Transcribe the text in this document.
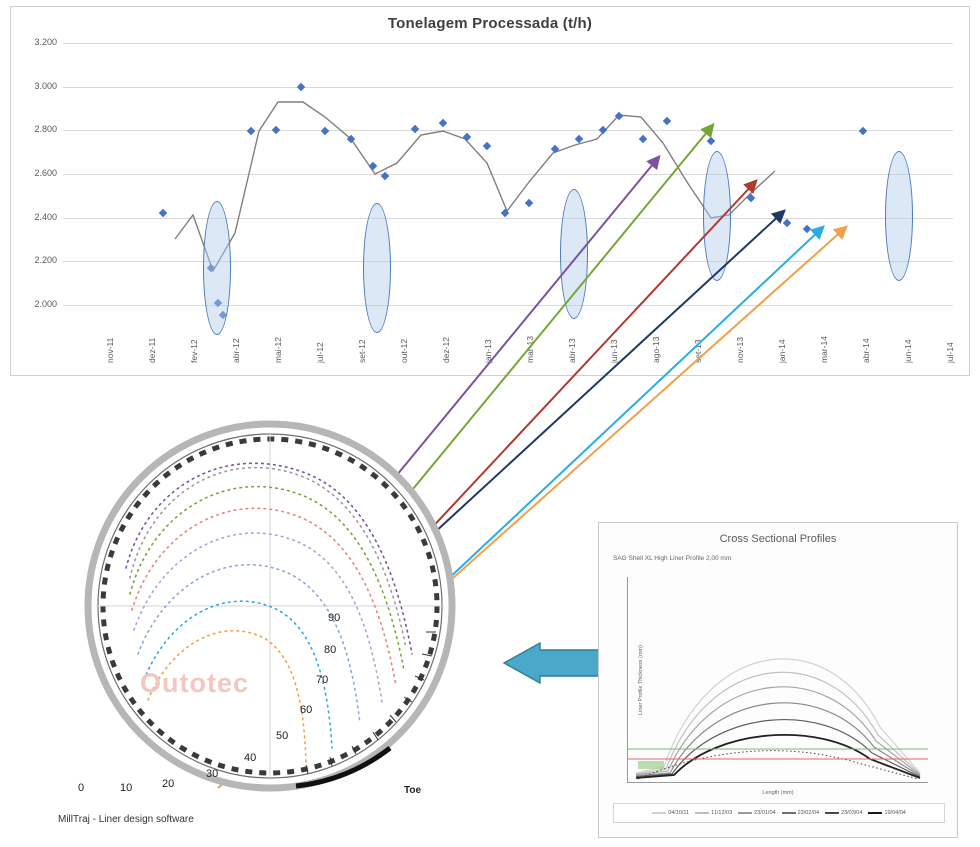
Tonelagem Processada (t/h)
3.200
3.000
2.800
2.600
2.400
2.200
2.000
nov-11	dez-11	fev-12	abr-12	mai-12	jul-12	set-12	out-12	dez-12	jan-13	mar-13	abr-13	jun-13	ago-13	set-13	nov-13	jan-14	mar-14	abr-14	jun-14	jul-14
90
80
70
60
50
40
30
20
10
0
Outotec
Toe
MillTraj - Liner design software
Cross Sectional Profiles
SAG Shell XL High Liner Profile 2,00 mm
Length (mm)
Liner Profile Thickness (mm)
04/10/11	11/12/03	23/01/04	23/02/04	23/03/04	19/04/04
